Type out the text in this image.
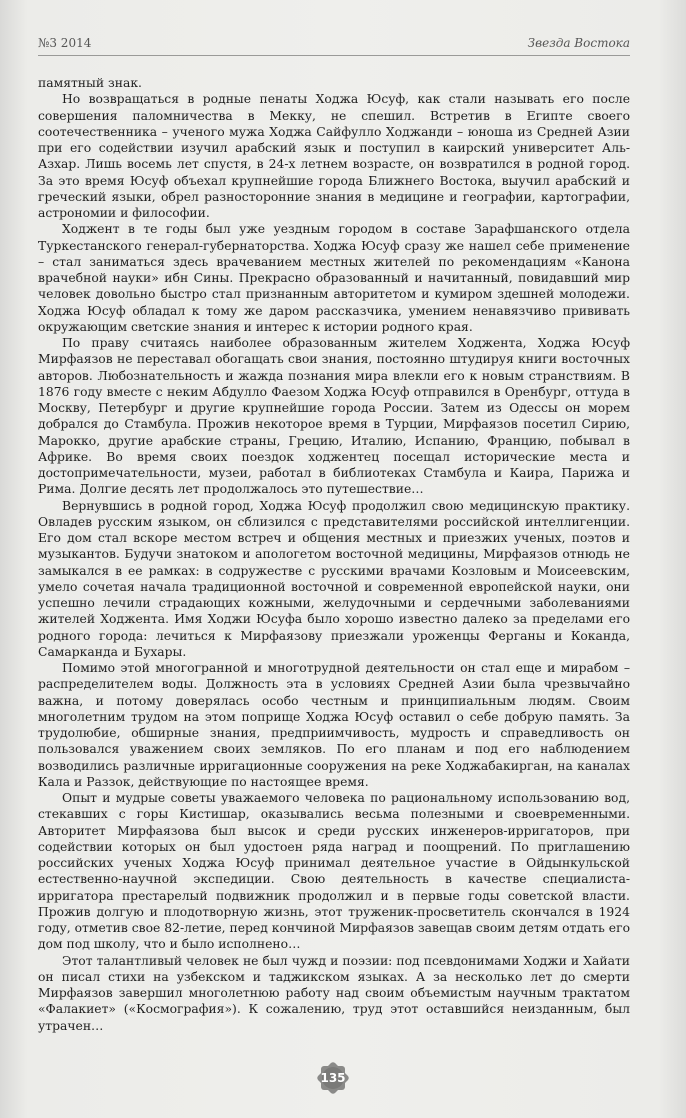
№3 2014	Звезда Востока

памятный знак.

Но возвращаться в родные пенаты Ходжа Юсуф, как стали называть его после совершения паломничества в Мекку, не спешил. Встретив в Египте своего соотечественника – ученого мужа Ходжа Сайфулло Ходжанди – юноша из Средней Азии при его содействии изучил арабский язык и поступил в каирский университет Аль-Азхар. Лишь восемь лет спустя, в 24-х летнем возрасте, он возвратился в родной город. За это время Юсуф объехал крупнейшие города Ближнего Востока, выучил арабский и греческий языки, обрел разносторонние знания в медицине и географии, картографии, астрономии и философии.

Ходжент в те годы был уже уездным городом в составе Зарафшанского отдела Туркестанского генерал-губернаторства. Ходжа Юсуф сразу же нашел себе применение – стал заниматься здесь врачеванием местных жителей по рекомендациям «Канона врачебной науки» ибн Сины. Прекрасно образованный и начитанный, повидавший мир человек довольно быстро стал признанным авторитетом и кумиром здешней молодежи. Ходжа Юсуф обладал к тому же даром рассказчика, умением ненавязчиво прививать окружающим светские знания и интерес к истории родного края.

По праву считаясь наиболее образованным жителем Ходжента, Ходжа Юсуф Мирфаязов не переставал обогащать свои знания, постоянно штудируя книги восточных авторов. Любознательность и жажда познания мира влекли его к новым странствиям. В 1876 году вместе с неким Абдулло Фаезом Ходжа Юсуф отправился в Оренбург, оттуда в Москву, Петербург и другие крупнейшие города России. Затем из Одессы он морем добрался до Стамбула. Прожив некоторое время в Турции, Мирфаязов посетил Сирию, Марокко, другие арабские страны, Грецию, Италию, Испанию, Францию, побывал в Африке. Во время своих поездок ходжентец посещал исторические места и достопримечательности, музеи, работал в библиотеках Стамбула и Каира, Парижа и Рима. Долгие десять лет продолжалось это путешествие…

Вернувшись в родной город, Ходжа Юсуф продолжил свою медицинскую практику. Овладев русским языком, он сблизился с представителями российской интеллигенции. Его дом стал вскоре местом встреч и общения местных и приезжих ученых, поэтов и музыкантов. Будучи знатоком и апологетом восточной медицины, Мирфаязов отнюдь не замыкался в ее рамках: в содружестве с русскими врачами Козловым и Моисеевским, умело сочетая начала традиционной восточной и современной европейской науки, они успешно лечили страдающих кожными, желудочными и сердечными заболеваниями жителей Ходжента. Имя Ходжи Юсуфа было хорошо известно далеко за пределами его родного города: лечиться к Мирфаязову приезжали уроженцы Ферганы и Коканда, Самарканда и Бухары.

Помимо этой многогранной и многотрудной деятельности он стал еще и мирабом – распределителем воды. Должность эта в условиях Средней Азии была чрезвычайно важна, и потому доверялась особо честным и принципиальным людям. Своим многолетним трудом на этом поприще Ходжа Юсуф оставил о себе добрую память. За трудолюбие, обширные знания, предприимчивость, мудрость и справедливость он пользовался уважением своих земляков. По его планам и под его наблюдением возводились различные ирригационные сооружения на реке Ходжабакирган, на каналах Кала и Раззок, действующие по настоящее время.

Опыт и мудрые советы уважаемого человека по рациональному использованию вод, стекавших с горы Кистишар, оказывались весьма полезными и своевременными. Авторитет Мирфаязова был высок и среди русских инженеров-ирригаторов, при содействии которых он был удостоен ряда наград и поощрений. По приглашению российских ученых Ходжа Юсуф принимал деятельное участие в Ойдынкульской естественно-научной экспедиции. Свою деятельность в качестве специалиста-ирригатора престарелый подвижник продолжил и в первые годы советской власти. Прожив долгую и плодотворную жизнь, этот труженик-просветитель скончался в 1924 году, отметив свое 82-летие, перед кончиной Мирфаязов завещав своим детям отдать его дом под школу, что и было исполнено…

Этот талантливый человек не был чужд и поэзии: под псевдонимами Ходжи и Хайати он писал стихи на узбекском и таджикском языках. А за несколько лет до смерти Мирфаязов завершил многолетнюю работу над своим объемистым научным трактатом «Фалакиет» («Космография»). К сожалению, труд этот оставшийся неизданным, был утрачен…

135
